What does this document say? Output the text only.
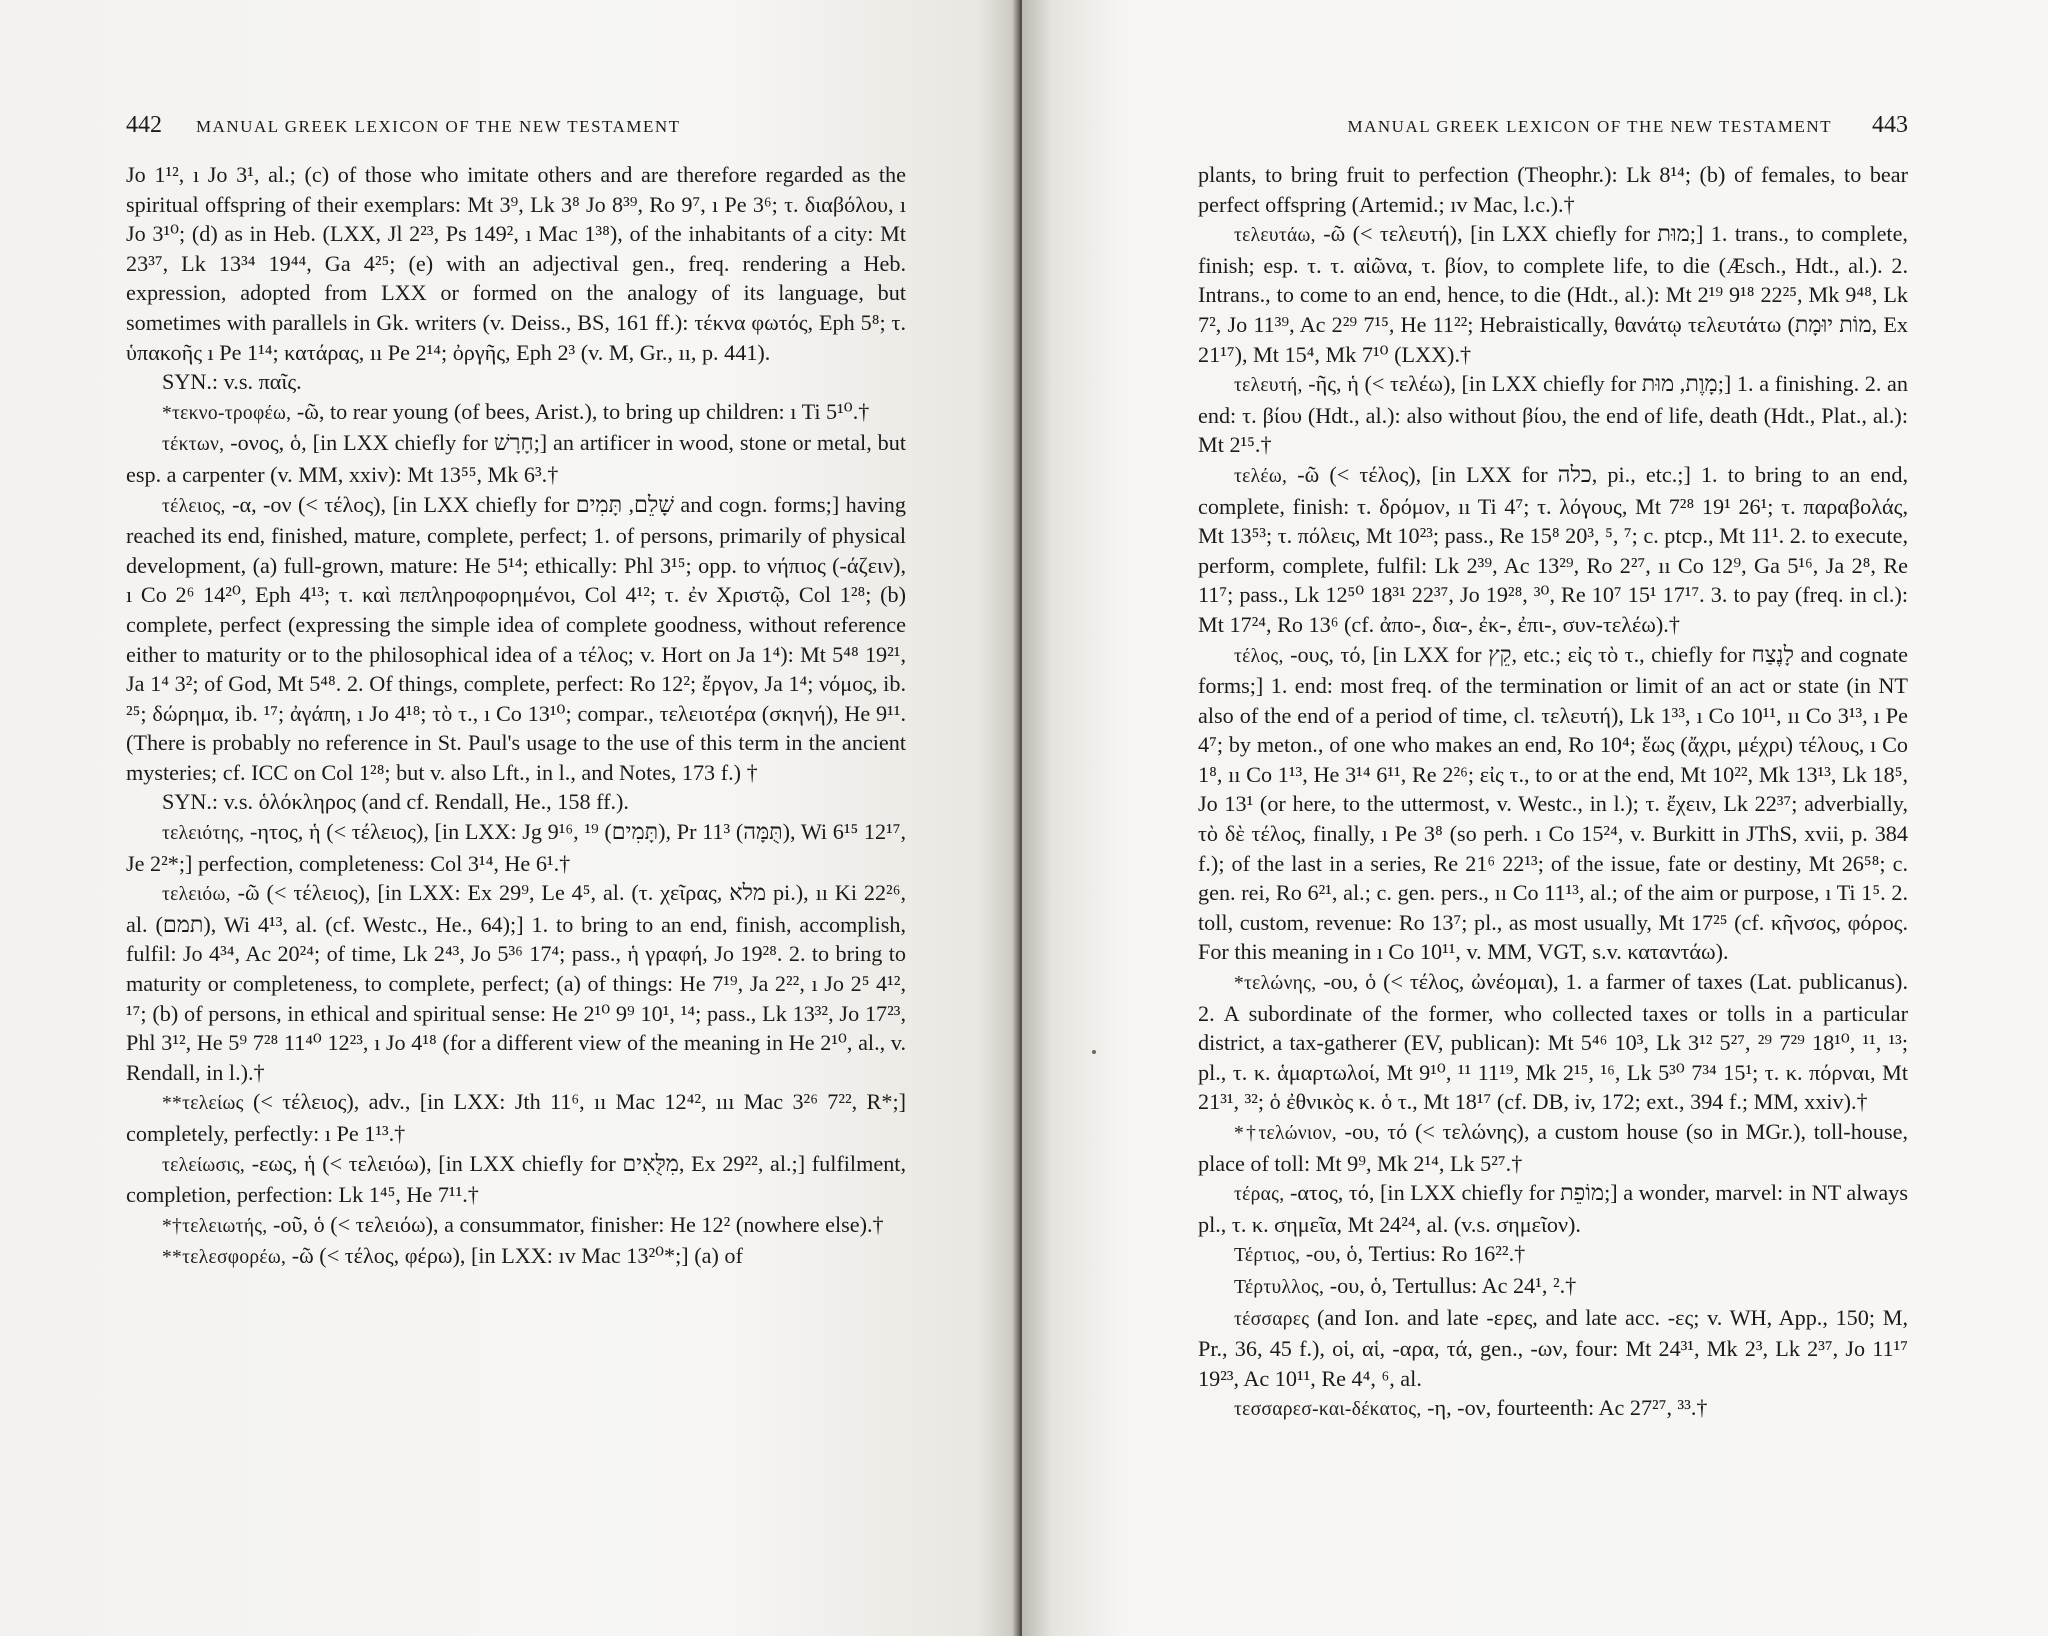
442 MANUAL GREEK LEXICON OF THE NEW TESTAMENT

Jo 1¹², ı Jo 3¹, al.; (c) of those who imitate others and are therefore regarded as the spiritual offspring of their exemplars: Mt 3⁹, Lk 3⁸ Jo 8³⁹, Ro 9⁷, ı Pe 3⁶; τ. διαβόλου, ı Jo 3¹⁰; (d) as in Heb. (LXX, Jl 2²³, Ps 149², ı Mac 1³⁸), of the inhabitants of a city: Mt 23³⁷, Lk 13³⁴ 19⁴⁴, Ga 4²⁵; (e) with an adjectival gen., freq. rendering a Heb. expression, adopted from LXX or formed on the analogy of its language, but sometimes with parallels in Gk. writers (v. Deiss., BS, 161 ff.): τέκνα φωτός, Eph 5⁸; τ. ὑπακοῆς ı Pe 1¹⁴; κατάρας, ıı Pe 2¹⁴; ὀργῆς, Eph 2³ (v. M, Gr., ıı, p. 441).

SYN.: v.s. παῖς.

*τεκνο-τροφέω, -ῶ, to rear young (of bees, Arist.), to bring up children: ı Ti 5¹⁰.†

τέκτων, -ονος, ὁ, [in LXX chiefly for חָרָשׁ;] an artificer in wood, stone or metal, but esp. a carpenter (v. MM, xxiv): Mt 13⁵⁵, Mk 6³.†

τέλειος, -α, -ον (< τέλος), [in LXX chiefly for שָׁלֵם, תָּמִים and cogn. forms;] having reached its end, finished, mature, complete, perfect; 1. of persons, primarily of physical development, (a) full-grown, mature: He 5¹⁴; ethically: Phl 3¹⁵; opp. to νήπιος (-άζειν), ı Co 2⁶ 14²⁰, Eph 4¹³; τ. καὶ πεπληροφορημένοι, Col 4¹²; τ. ἐν Χριστῷ, Col 1²⁸; (b) complete, perfect (expressing the simple idea of complete goodness, without reference either to maturity or to the philosophical idea of a τέλος; v. Hort on Ja 1⁴): Mt 5⁴⁸ 19²¹, Ja 1⁴ 3²; of God, Mt 5⁴⁸. 2. Of things, complete, perfect: Ro 12²; ἔργον, Ja 1⁴; νόμος, ib. ²⁵; δώρημα, ib. ¹⁷; ἀγάπη, ı Jo 4¹⁸; τὸ τ., ı Co 13¹⁰; compar., τελειοτέρα (σκηνή), He 9¹¹. (There is probably no reference in St. Paul's usage to the use of this term in the ancient mysteries; cf. ICC on Col 1²⁸; but v. also Lft., in l., and Notes, 173 f.) †

SYN.: v.s. ὁλόκληρος (and cf. Rendall, He., 158 ff.).

τελειότης, -ητος, ἡ (< τέλειος), [in LXX: Jg 9¹⁶, ¹⁹ (תָּמִים), Pr 11³ (תֻּמָּה), Wi 6¹⁵ 12¹⁷, Je 2²*;] perfection, completeness: Col 3¹⁴, He 6¹.†

τελειόω, -ῶ (< τέλειος), [in LXX: Ex 29⁹, Le 4⁵, al. (τ. χεῖρας, מלא pi.), ıı Ki 22²⁶, al. (תמם), Wi 4¹³, al. (cf. Westc., He., 64);] 1. to bring to an end, finish, accomplish, fulfil: Jo 4³⁴, Ac 20²⁴; of time, Lk 2⁴³, Jo 5³⁶ 17⁴; pass., ἡ γραφή, Jo 19²⁸. 2. to bring to maturity or completeness, to complete, perfect; (a) of things: He 7¹⁹, Ja 2²², ı Jo 2⁵ 4¹², ¹⁷; (b) of persons, in ethical and spiritual sense: He 2¹⁰ 9⁹ 10¹, ¹⁴; pass., Lk 13³², Jo 17²³, Phl 3¹², He 5⁹ 7²⁸ 11⁴⁰ 12²³, ı Jo 4¹⁸ (for a different view of the meaning in He 2¹⁰, al., v. Rendall, in l.).†

**τελείως (< τέλειος), adv., [in LXX: Jth 11⁶, ıı Mac 12⁴², ııı Mac 3²⁶ 7²², R*;] completely, perfectly: ı Pe 1¹³.†

τελείωσις, -εως, ἡ (< τελειόω), [in LXX chiefly for מִלֻּאִים, Ex 29²², al.;] fulfilment, completion, perfection: Lk 1⁴⁵, He 7¹¹.†

*†τελειωτής, -οῦ, ὁ (< τελειόω), a consummator, finisher: He 12² (nowhere else).†

**τελεσφορέω, -ῶ (< τέλος, φέρω), [in LXX: ıv Mac 13²⁰*;] (a) of

MANUAL GREEK LEXICON OF THE NEW TESTAMENT 443

plants, to bring fruit to perfection (Theophr.): Lk 8¹⁴; (b) of females, to bear perfect offspring (Artemid.; ıv Mac, l.c.).†

τελευτάω, -ῶ (< τελευτή), [in LXX chiefly for מוּת;] 1. trans., to complete, finish; esp. τ. τ. αἰῶνα, τ. βίον, to complete life, to die (Æsch., Hdt., al.). 2. Intrans., to come to an end, hence, to die (Hdt., al.): Mt 2¹⁹ 9¹⁸ 22²⁵, Mk 9⁴⁸, Lk 7², Jo 11³⁹, Ac 2²⁹ 7¹⁵, He 11²²; Hebraistically, θανάτῳ τελευτάτω (מוֹת יוּמָת, Ex 21¹⁷), Mt 15⁴, Mk 7¹⁰ (LXX).†

τελευτή, -ῆς, ἡ (< τελέω), [in LXX chiefly for מָוֶת, מוּת;] 1. a finishing. 2. an end: τ. βίου (Hdt., al.): also without βίου, the end of life, death (Hdt., Plat., al.): Mt 2¹⁵.†

τελέω, -ῶ (< τέλος), [in LXX for כלה, pi., etc.;] 1. to bring to an end, complete, finish: τ. δρόμον, ıı Ti 4⁷; τ. λόγους, Mt 7²⁸ 19¹ 26¹; τ. παραβολάς, Mt 13⁵³; τ. πόλεις, Mt 10²³; pass., Re 15⁸ 20³, ⁵, ⁷; c. ptcp., Mt 11¹. 2. to execute, perform, complete, fulfil: Lk 2³⁹, Ac 13²⁹, Ro 2²⁷, ıı Co 12⁹, Ga 5¹⁶, Ja 2⁸, Re 11⁷; pass., Lk 12⁵⁰ 18³¹ 22³⁷, Jo 19²⁸, ³⁰, Re 10⁷ 15¹ 17¹⁷. 3. to pay (freq. in cl.): Mt 17²⁴, Ro 13⁶ (cf. ἀπο-, δια-, ἐκ-, ἐπι-, συν-τελέω).†

τέλος, -ους, τό, [in LXX for קֵץ, etc.; εἰς τὸ τ., chiefly for לָנֶצַח and cognate forms;] 1. end: most freq. of the termination or limit of an act or state (in NT also of the end of a period of time, cl. τελευτή), Lk 1³³, ı Co 10¹¹, ıı Co 3¹³, ı Pe 4⁷; by meton., of one who makes an end, Ro 10⁴; ἕως (ἄχρι, μέχρι) τέλους, ı Co 1⁸, ıı Co 1¹³, He 3¹⁴ 6¹¹, Re 2²⁶; εἰς τ., to or at the end, Mt 10²², Mk 13¹³, Lk 18⁵, Jo 13¹ (or here, to the uttermost, v. Westc., in l.); τ. ἔχειν, Lk 22³⁷; adverbially, τὸ δὲ τέλος, finally, ı Pe 3⁸ (so perh. ı Co 15²⁴, v. Burkitt in JThS, xvii, p. 384 f.); of the last in a series, Re 21⁶ 22¹³; of the issue, fate or destiny, Mt 26⁵⁸; c. gen. rei, Ro 6²¹, al.; c. gen. pers., ıı Co 11¹³, al.; of the aim or purpose, ı Ti 1⁵. 2. toll, custom, revenue: Ro 13⁷; pl., as most usually, Mt 17²⁵ (cf. κῆνσος, φόρος. For this meaning in ı Co 10¹¹, v. MM, VGT, s.v. καταντάω).

*τελώνης, -ου, ὁ (< τέλος, ὠνέομαι), 1. a farmer of taxes (Lat. publicanus). 2. A subordinate of the former, who collected taxes or tolls in a particular district, a tax-gatherer (EV, publican): Mt 5⁴⁶ 10³, Lk 3¹² 5²⁷, ²⁹ 7²⁹ 18¹⁰, ¹¹, ¹³; pl., τ. κ. ἁμαρτωλοί, Mt 9¹⁰, ¹¹ 11¹⁹, Mk 2¹⁵, ¹⁶, Lk 5³⁰ 7³⁴ 15¹; τ. κ. πόρναι, Mt 21³¹, ³²; ὁ ἐθνικὸς κ. ὁ τ., Mt 18¹⁷ (cf. DB, iv, 172; ext., 394 f.; MM, xxiv).†

*†τελώνιον, -ου, τό (< τελώνης), a custom house (so in MGr.), toll-house, place of toll: Mt 9⁹, Mk 2¹⁴, Lk 5²⁷.†

τέρας, -ατος, τό, [in LXX chiefly for מוֹפֵת;] a wonder, marvel: in NT always pl., τ. κ. σημεῖα, Mt 24²⁴, al. (v.s. σημεῖον).

Τέρτιος, -ου, ὁ, Tertius: Ro 16²².†

Τέρτυλλος, -ου, ὁ, Tertullus: Ac 24¹, ².†

τέσσαρες (and Ion. and late -ερες, and late acc. -ες; v. WH, App., 150; M, Pr., 36, 45 f.), οἱ, αἱ, -αρα, τά, gen., -ων, four: Mt 24³¹, Mk 2³, Lk 2³⁷, Jo 11¹⁷ 19²³, Ac 10¹¹, Re 4⁴, ⁶, al.

τεσσαρεσ-και-δέκατος, -η, -ον, fourteenth: Ac 27²⁷, ³³.†
